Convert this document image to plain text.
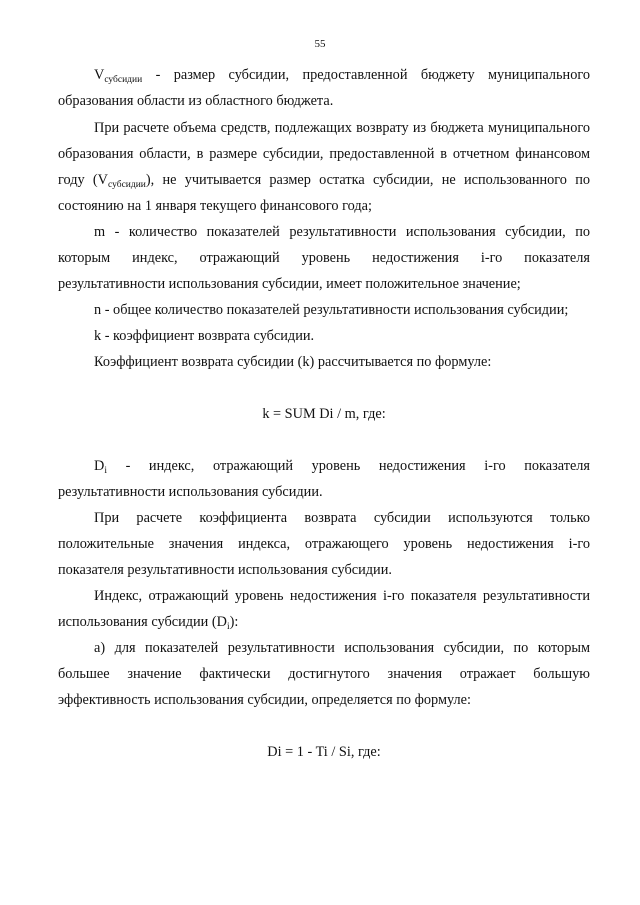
55

$V_{субсидии}$ - размер субсидии, предоставленной бюджету муниципального образования области из областного бюджета.

При расчете объема средств, подлежащих возврату из бюджета муниципального образования области, в размере субсидии, предоставленной в отчетном финансовом году $(V_{субсидии})$, не учитывается размер остатка субсидии, не использованного по состоянию на 1 января текущего финансового года;

m - количество показателей результативности использования субсидии, по которым индекс, отражающий уровень недостижения i-го показателя результативности использования субсидии, имеет положительное значение;

n - общее количество показателей результативности использования субсидии;

k - коэффициент возврата субсидии.

Коэффициент возврата субсидии (k) рассчитывается по формуле:

k = SUM Di / m, где:

$D_i$ - индекс, отражающий уровень недостижения i-го показателя результативности использования субсидии.

При расчете коэффициента возврата субсидии используются только положительные значения индекса, отражающего уровень недостижения i-го показателя результативности использования субсидии.

Индекс, отражающий уровень недостижения i-го показателя результативности использования субсидии $(D_i)$:

а) для показателей результативности использования субсидии, по которым большее значение фактически достигнутого значения отражает большую эффективность использования субсидии, определяется по формуле:

Di = 1 - Ti / Si, где:
